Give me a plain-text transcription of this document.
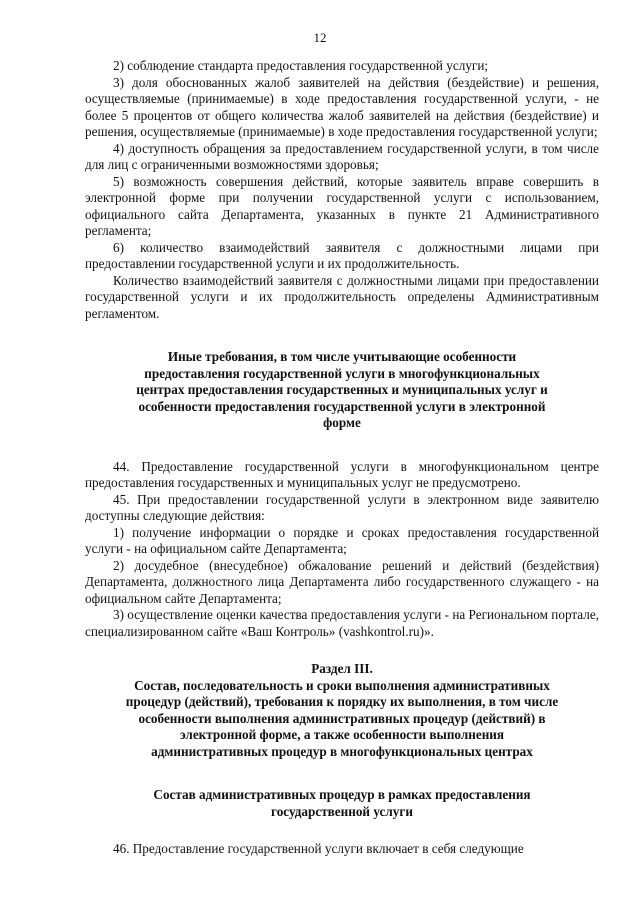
12

2) соблюдение стандарта предоставления государственной услуги;

3) доля обоснованных жалоб заявителей на действия (бездействие) и решения, осуществляемые (принимаемые) в ходе предоставления государственной услуги, - не более 5 процентов от общего количества жалоб заявителей на действия (бездействие) и решения, осуществляемые (принимаемые) в ходе предоставления государственной услуги;

4) доступность обращения за предоставлением государственной услуги, в том числе для лиц с ограниченными возможностями здоровья;

5) возможность совершения действий, которые заявитель вправе совершить в электронной форме при получении государственной услуги с использованием, официального сайта Департамента, указанных в пункте 21 Административного регламента;

6) количество взаимодействий заявителя с должностными лицами при предоставлении государственной услуги и их продолжительность.

Количество взаимодействий заявителя с должностными лицами при предоставлении государственной услуги и их продолжительность определены Административным регламентом.

Иные требования, в том числе учитывающие особенности предоставления государственной услуги в многофункциональных центрах предоставления государственных и муниципальных услуг и особенности предоставления государственной услуги в электронной форме

44. Предоставление государственной услуги в многофункциональном центре предоставления государственных и муниципальных услуг не предусмотрено.

45. При предоставлении государственной услуги в электронном виде заявителю доступны следующие действия:

1) получение информации о порядке и сроках предоставления государственной услуги - на официальном сайте Департамента;

2) досудебное (внесудебное) обжалование решений и действий (бездействия) Департамента, должностного лица Департамента либо государственного служащего - на официальном сайте Департамента;

3) осуществление оценки качества предоставления услуги - на Региональном портале, специализированном сайте «Ваш Контроль» (vashkontrol.ru)».

Раздел III.

Состав, последовательность и сроки выполнения административных процедур (действий), требования к порядку их выполнения, в том числе особенности выполнения административных процедур (действий) в электронной форме, а также особенности выполнения административных процедур в многофункциональных центрах

Состав административных процедур в рамках предоставления государственной услуги

46. Предоставление государственной услуги включает в себя следующие
